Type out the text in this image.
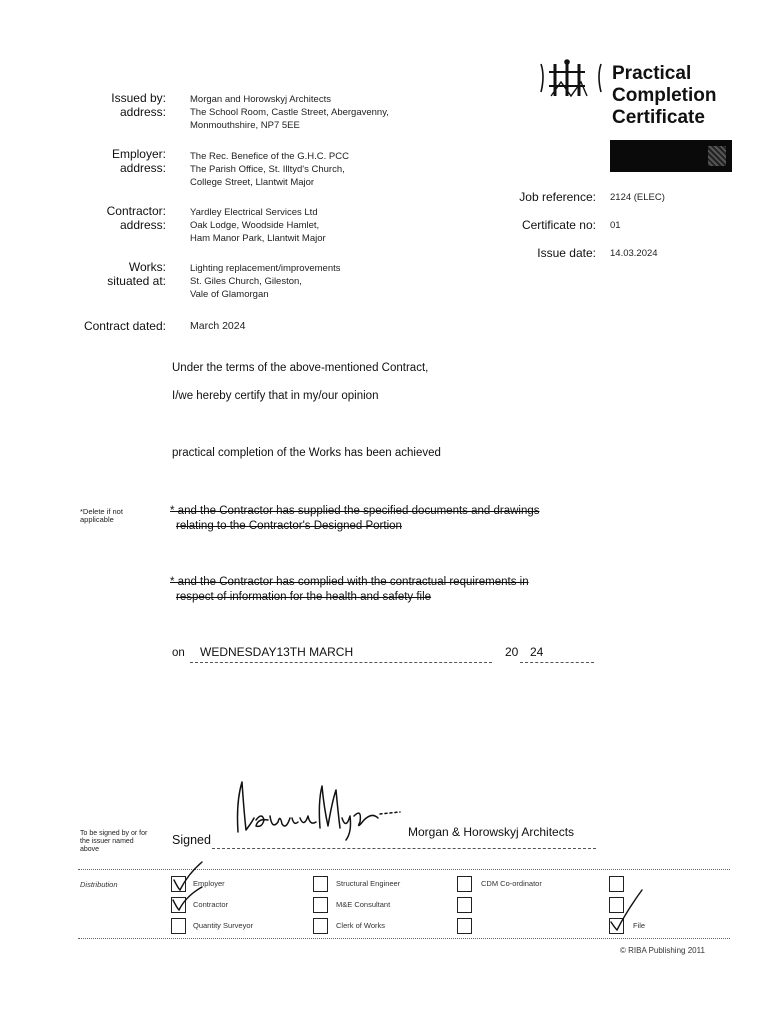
Practical
Completion
Certificate
Issued by:
address:
Morgan and Horowskyj Architects
The School Room, Castle Street, Abergavenny,
Monmouthshire, NP7 5EE
Employer:
address:
The Rec. Benefice of the G.H.C. PCC
The Parish Office, St. Illtyd's Church,
College Street, Llantwit Major
Contractor:
address:
Yardley Electrical Services Ltd
Oak Lodge, Woodside Hamlet,
Ham Manor Park, Llantwit Major
Works:
situated at:
Lighting replacement/improvements
St. Giles Church, Gileston,
Vale of Glamorgan
Contract dated: March 2024
Job reference: 2124 (ELEC)
Certificate no: 01
Issue date: 14.03.2024
Under the terms of the above-mentioned Contract,
I/we hereby certify that in my/our opinion
practical completion of the Works has been achieved
*Delete if not
applicable
* and the Contractor has supplied the specified documents and drawings
relating to the Contractor's Designed Portion
* and the Contractor has complied with the contractual requirements in
respect of information for the health and safety file
on WEDNESDAY13TH MARCH	20 24
To be signed by or for
the issuer named
above
Signed
Morgan & Horowskyj Architects
Distribution	Employer
Contractor
Quantity Surveyor
Structural Engineer
M&E Consultant
Clerk of Works
CDM Co-ordinator
File
© RIBA Publishing 2011
